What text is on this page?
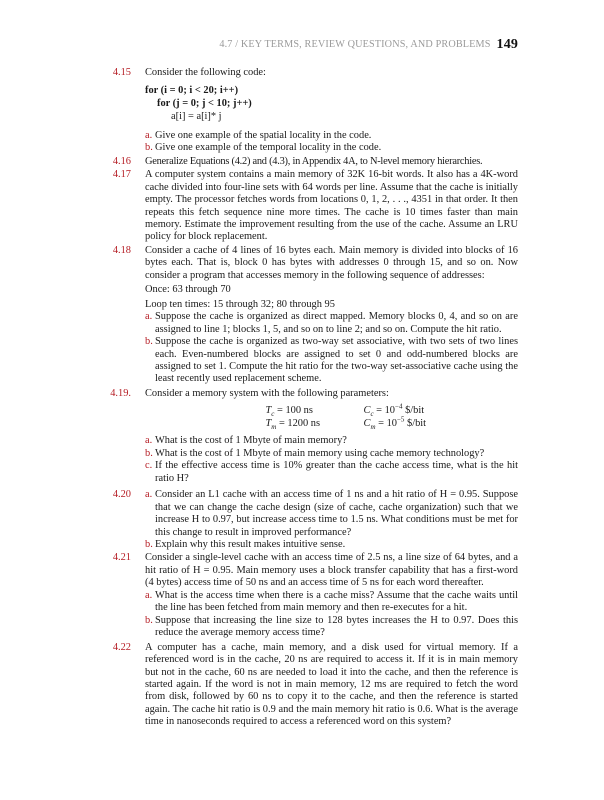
4.7 / KEY TERMS, REVIEW QUESTIONS, AND PROBLEMS 149
4.15 Consider the following code:
for (i = 0; i < 20; i++)
for (j = 0; j < 10; j++)
a[i] = a[i]* j
a. Give one example of the spatial locality in the code.
b. Give one example of the temporal locality in the code.
4.16 Generalize Equations (4.2) and (4.3), in Appendix 4A, to N-level memory hierarchies.
4.17 A computer system contains a main memory of 32K 16-bit words. It also has a 4K-word cache divided into four-line sets with 64 words per line. Assume that the cache is initially empty. The processor fetches words from locations 0, 1, 2, . . ., 4351 in that order. It then repeats this fetch sequence nine more times. The cache is 10 times faster than main memory. Estimate the improvement resulting from the use of the cache. Assume an LRU policy for block replacement.
4.18 Consider a cache of 4 lines of 16 bytes each. Main memory is divided into blocks of 16 bytes each. That is, block 0 has bytes with addresses 0 through 15, and so on. Now consider a program that accesses memory in the following sequence of addresses:
Once: 63 through 70
Loop ten times: 15 through 32; 80 through 95
a. Suppose the cache is organized as direct mapped. Memory blocks 0, 4, and so on are assigned to line 1; blocks 1, 5, and so on to line 2; and so on. Compute the hit ratio.
b. Suppose the cache is organized as two-way set associative, with two sets of two lines each. Even-numbered blocks are assigned to set 0 and odd-numbered blocks are assigned to set 1. Compute the hit ratio for the two-way set-associative cache using the least recently used replacement scheme.
4.19. Consider a memory system with the following parameters:
$T_c = 100$ ns	$C_c = 10^{-4}$ $/bit
$T_m = 1200$ ns	$C_m = 10^{-5}$ $/bit
a. What is the cost of 1 Mbyte of main memory?
b. What is the cost of 1 Mbyte of main memory using cache memory technology?
c. If the effective access time is 10% greater than the cache access time, what is the hit ratio H?
4.20 a. Consider an L1 cache with an access time of 1 ns and a hit ratio of H = 0.95. Suppose that we can change the cache design (size of cache, cache organization) such that we increase H to 0.97, but increase access time to 1.5 ns. What conditions must be met for this change to result in improved performance?
b. Explain why this result makes intuitive sense.
4.21 Consider a single-level cache with an access time of 2.5 ns, a line size of 64 bytes, and a hit ratio of H = 0.95. Main memory uses a block transfer capability that has a first-word (4 bytes) access time of 50 ns and an access time of 5 ns for each word thereafter.
a. What is the access time when there is a cache miss? Assume that the cache waits until the line has been fetched from main memory and then re-executes for a hit.
b. Suppose that increasing the line size to 128 bytes increases the H to 0.97. Does this reduce the average memory access time?
4.22 A computer has a cache, main memory, and a disk used for virtual memory. If a referenced word is in the cache, 20 ns are required to access it. If it is in main memory but not in the cache, 60 ns are needed to load it into the cache, and then the reference is started again. If the word is not in main memory, 12 ms are required to fetch the word from disk, followed by 60 ns to copy it to the cache, and then the reference is started again. The cache hit ratio is 0.9 and the main memory hit ratio is 0.6. What is the average time in nanoseconds required to access a referenced word on this system?
